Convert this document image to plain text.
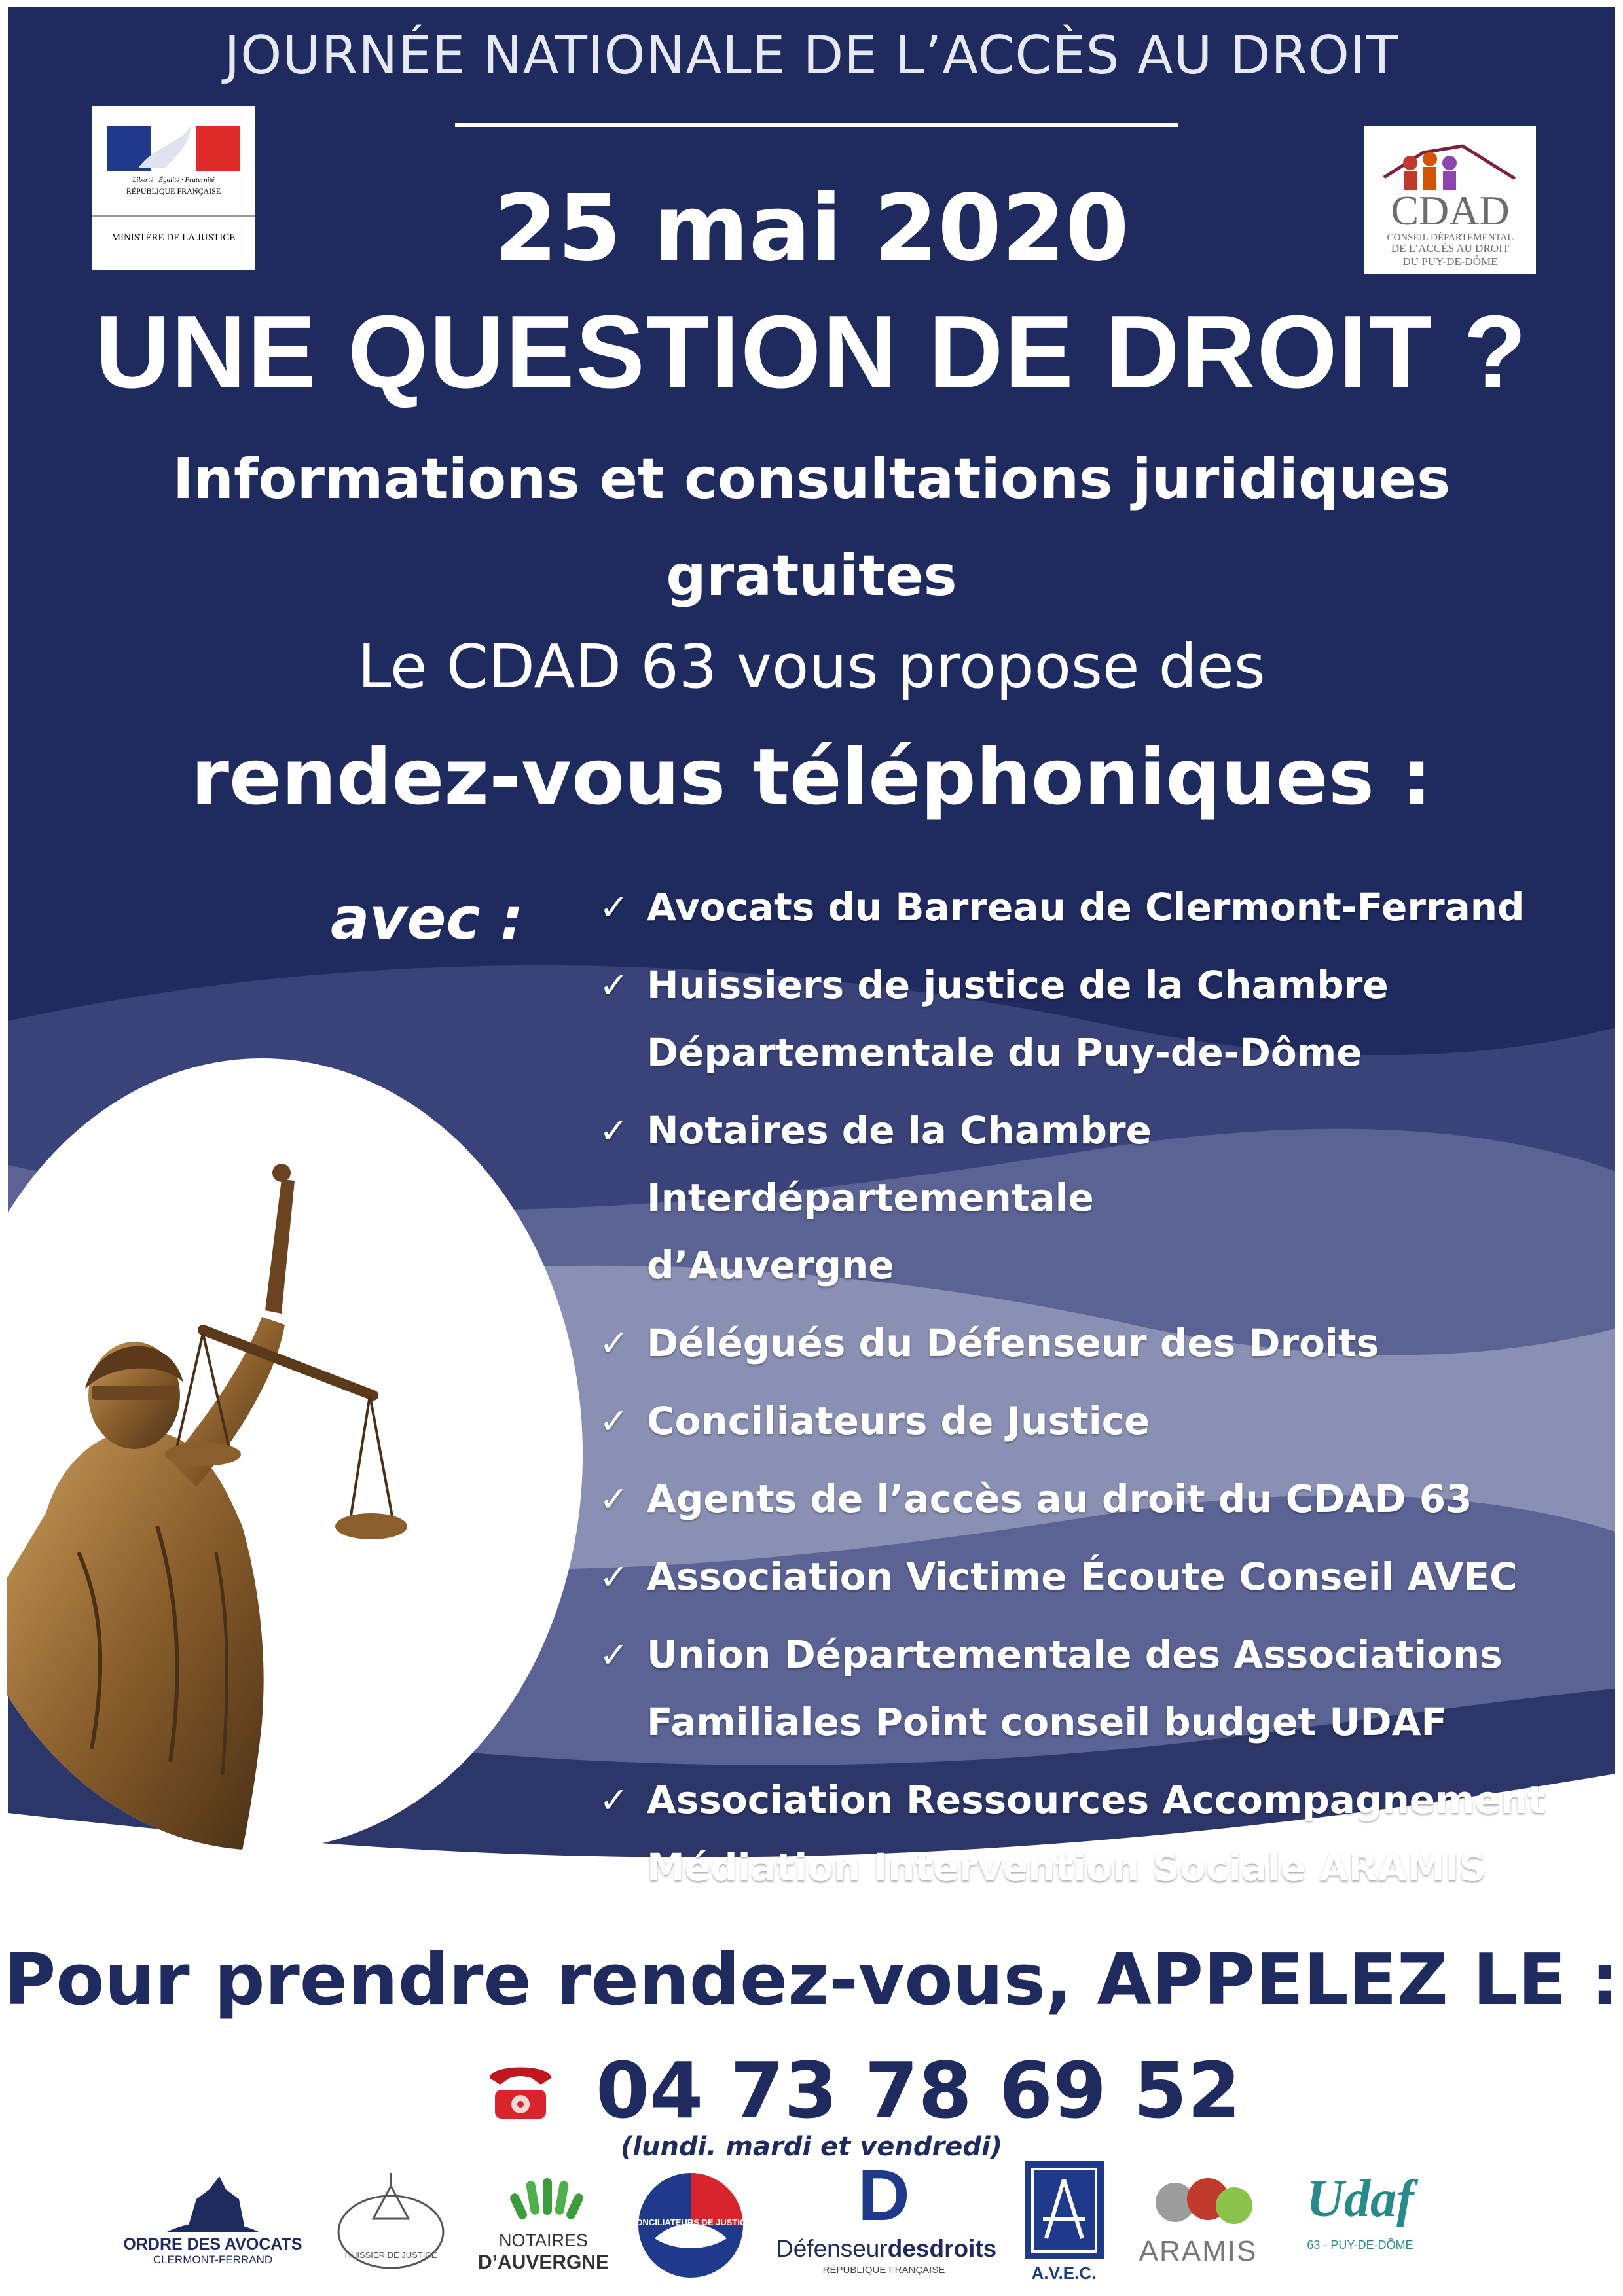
JOURNÉE NATIONALE DE L’ACCÈS AU DROIT
Liberté · Égalité · Fraternité
RÉPUBLIQUE FRANÇAISE
MINISTÈRE DE LA JUSTICE
CDAD
CONSEIL DÉPARTEMENTAL
DE L’ACCÈS AU DROIT
DU PUY-DE-DÔME
25 mai 2020
UNE QUESTION DE DROIT ?
Informations et consultations juridiques
gratuites
Le CDAD 63 vous propose des
rendez-vous téléphoniques :
avec : ✓ Avocats du Barreau de Clermont-Ferrand
✓ Huissiers de justice de la Chambre
Départementale du Puy-de-Dôme
✓ Notaires de la Chambre Interdépartementale
d’Auvergne
✓ Délégués du Défenseur des Droits
✓ Conciliateurs de Justice
✓ Agents de l’accès au droit du CDAD 63
✓ Association Victime Écoute Conseil AVEC
✓ Union Départementale des Associations
Familiales Point conseil budget UDAF
✓ Association Ressources Accompagnement
Médiation Intervention Sociale ARAMIS
Pour prendre rendez-vous, APPELEZ LE :
04 73 78 69 52
(lundi. mardi et vendredi)
ORDRE DES AVOCATS
CLERMONT-FERRAND	HUISSIER DE JUSTICE
NOTAIRES
D’AUVERGNE
CONCILIATEURS DE JUSTICE	D
Défenseurdesdroits
RÉPUBLIQUE FRANÇAISE	A.V.E.C.
ARAMIS
Udaf
63 - PUY-DE-DÔME
